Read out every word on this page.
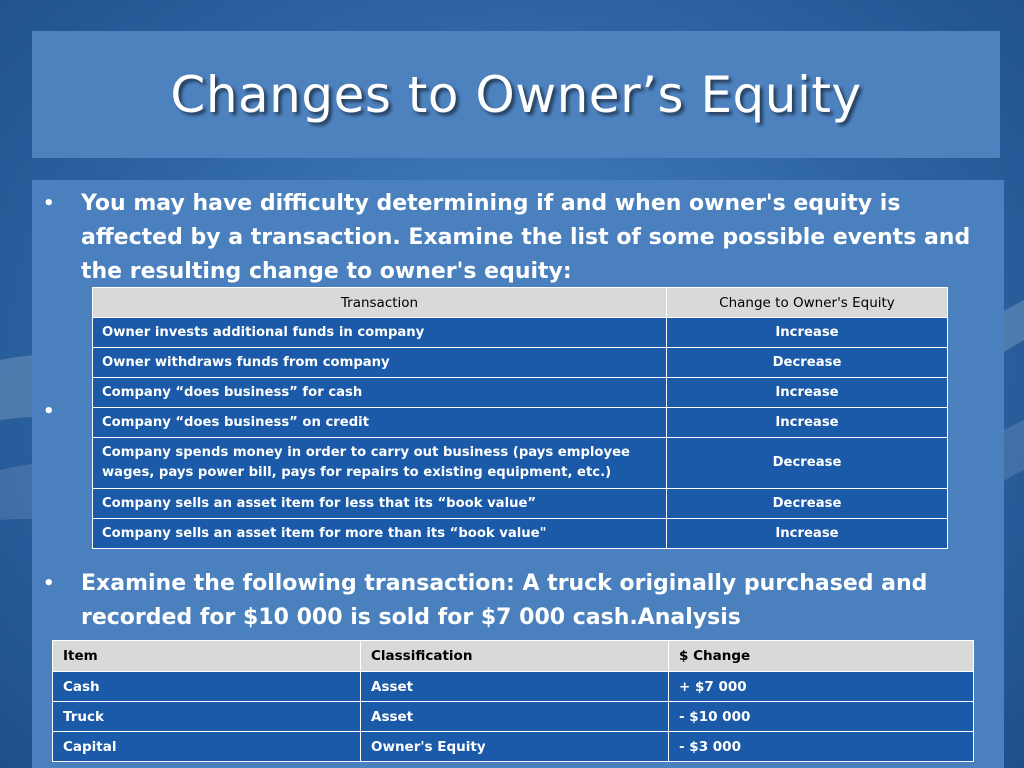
Changes to Owner’s Equity
• You may have difficulty determining if and when owner's equity is affected by a transaction. Examine the list of some possible events and the resulting change to owner's equity:
•
Transaction	Change to Owner's Equity
Owner invests additional funds in company	Increase
Owner withdraws funds from company	Decrease
Company “does business” for cash	Increase
Company “does business” on credit	Increase
Company spends money in order to carry out business (pays employee wages, pays power bill, pays for repairs to existing equipment, etc.)	Decrease
Company sells an asset item for less that its “book value”	Decrease
Company sells an asset item for more than its “book value"	Increase
• Examine the following transaction: A truck originally purchased and recorded for $10 000 is sold for $7 000 cash.Analysis
Item	Classification	$ Change
Cash	Asset	+ $7 000
Truck	Asset	- $10 000
Capital	Owner's Equity	- $3 000
